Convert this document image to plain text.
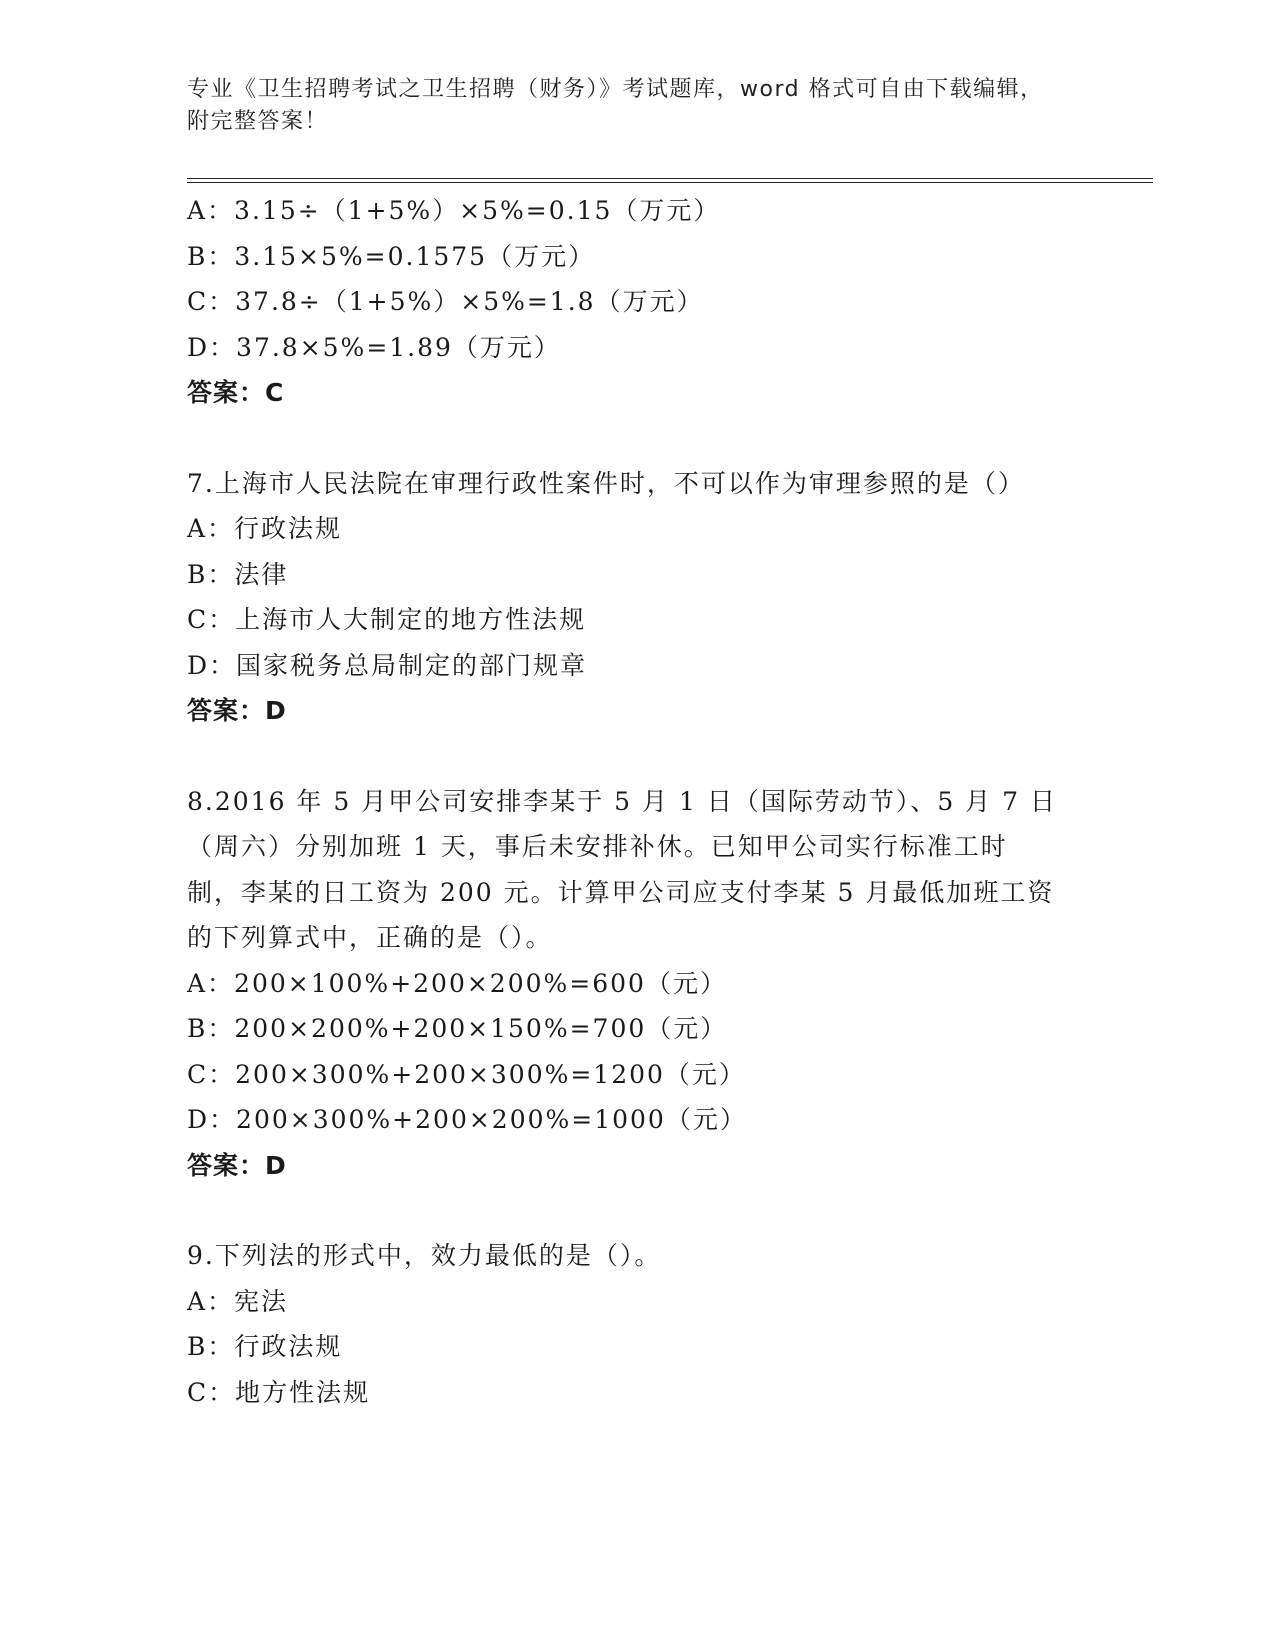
专业《卫生招聘考试之卫生招聘（财务）》考试题库，word 格式可自由下载编辑，附完整答案！
A：3.15÷（1+5%）×5%=0.15（万元）
B：3.15×5%=0.1575（万元）
C：37.8÷（1+5%）×5%=1.8（万元）
D：37.8×5%=1.89（万元）
答案：C
7.上海市人民法院在审理行政性案件时，不可以作为审理参照的是（）
A：行政法规
B：法律
C：上海市人大制定的地方性法规
D：国家税务总局制定的部门规章
答案：D
8.2016 年 5 月甲公司安排李某于 5 月 1 日（国际劳动节）、5 月 7 日（周六）分别加班 1 天，事后未安排补休。已知甲公司实行标准工时制，李某的日工资为 200 元。计算甲公司应支付李某 5 月最低加班工资的下列算式中，正确的是（）。
A：200×100%+200×200%=600（元）
B：200×200%+200×150%=700（元）
C：200×300%+200×300%=1200（元）
D：200×300%+200×200%=1000（元）
答案：D
9.下列法的形式中，效力最低的是（）。
A：宪法
B：行政法规
C：地方性法规
